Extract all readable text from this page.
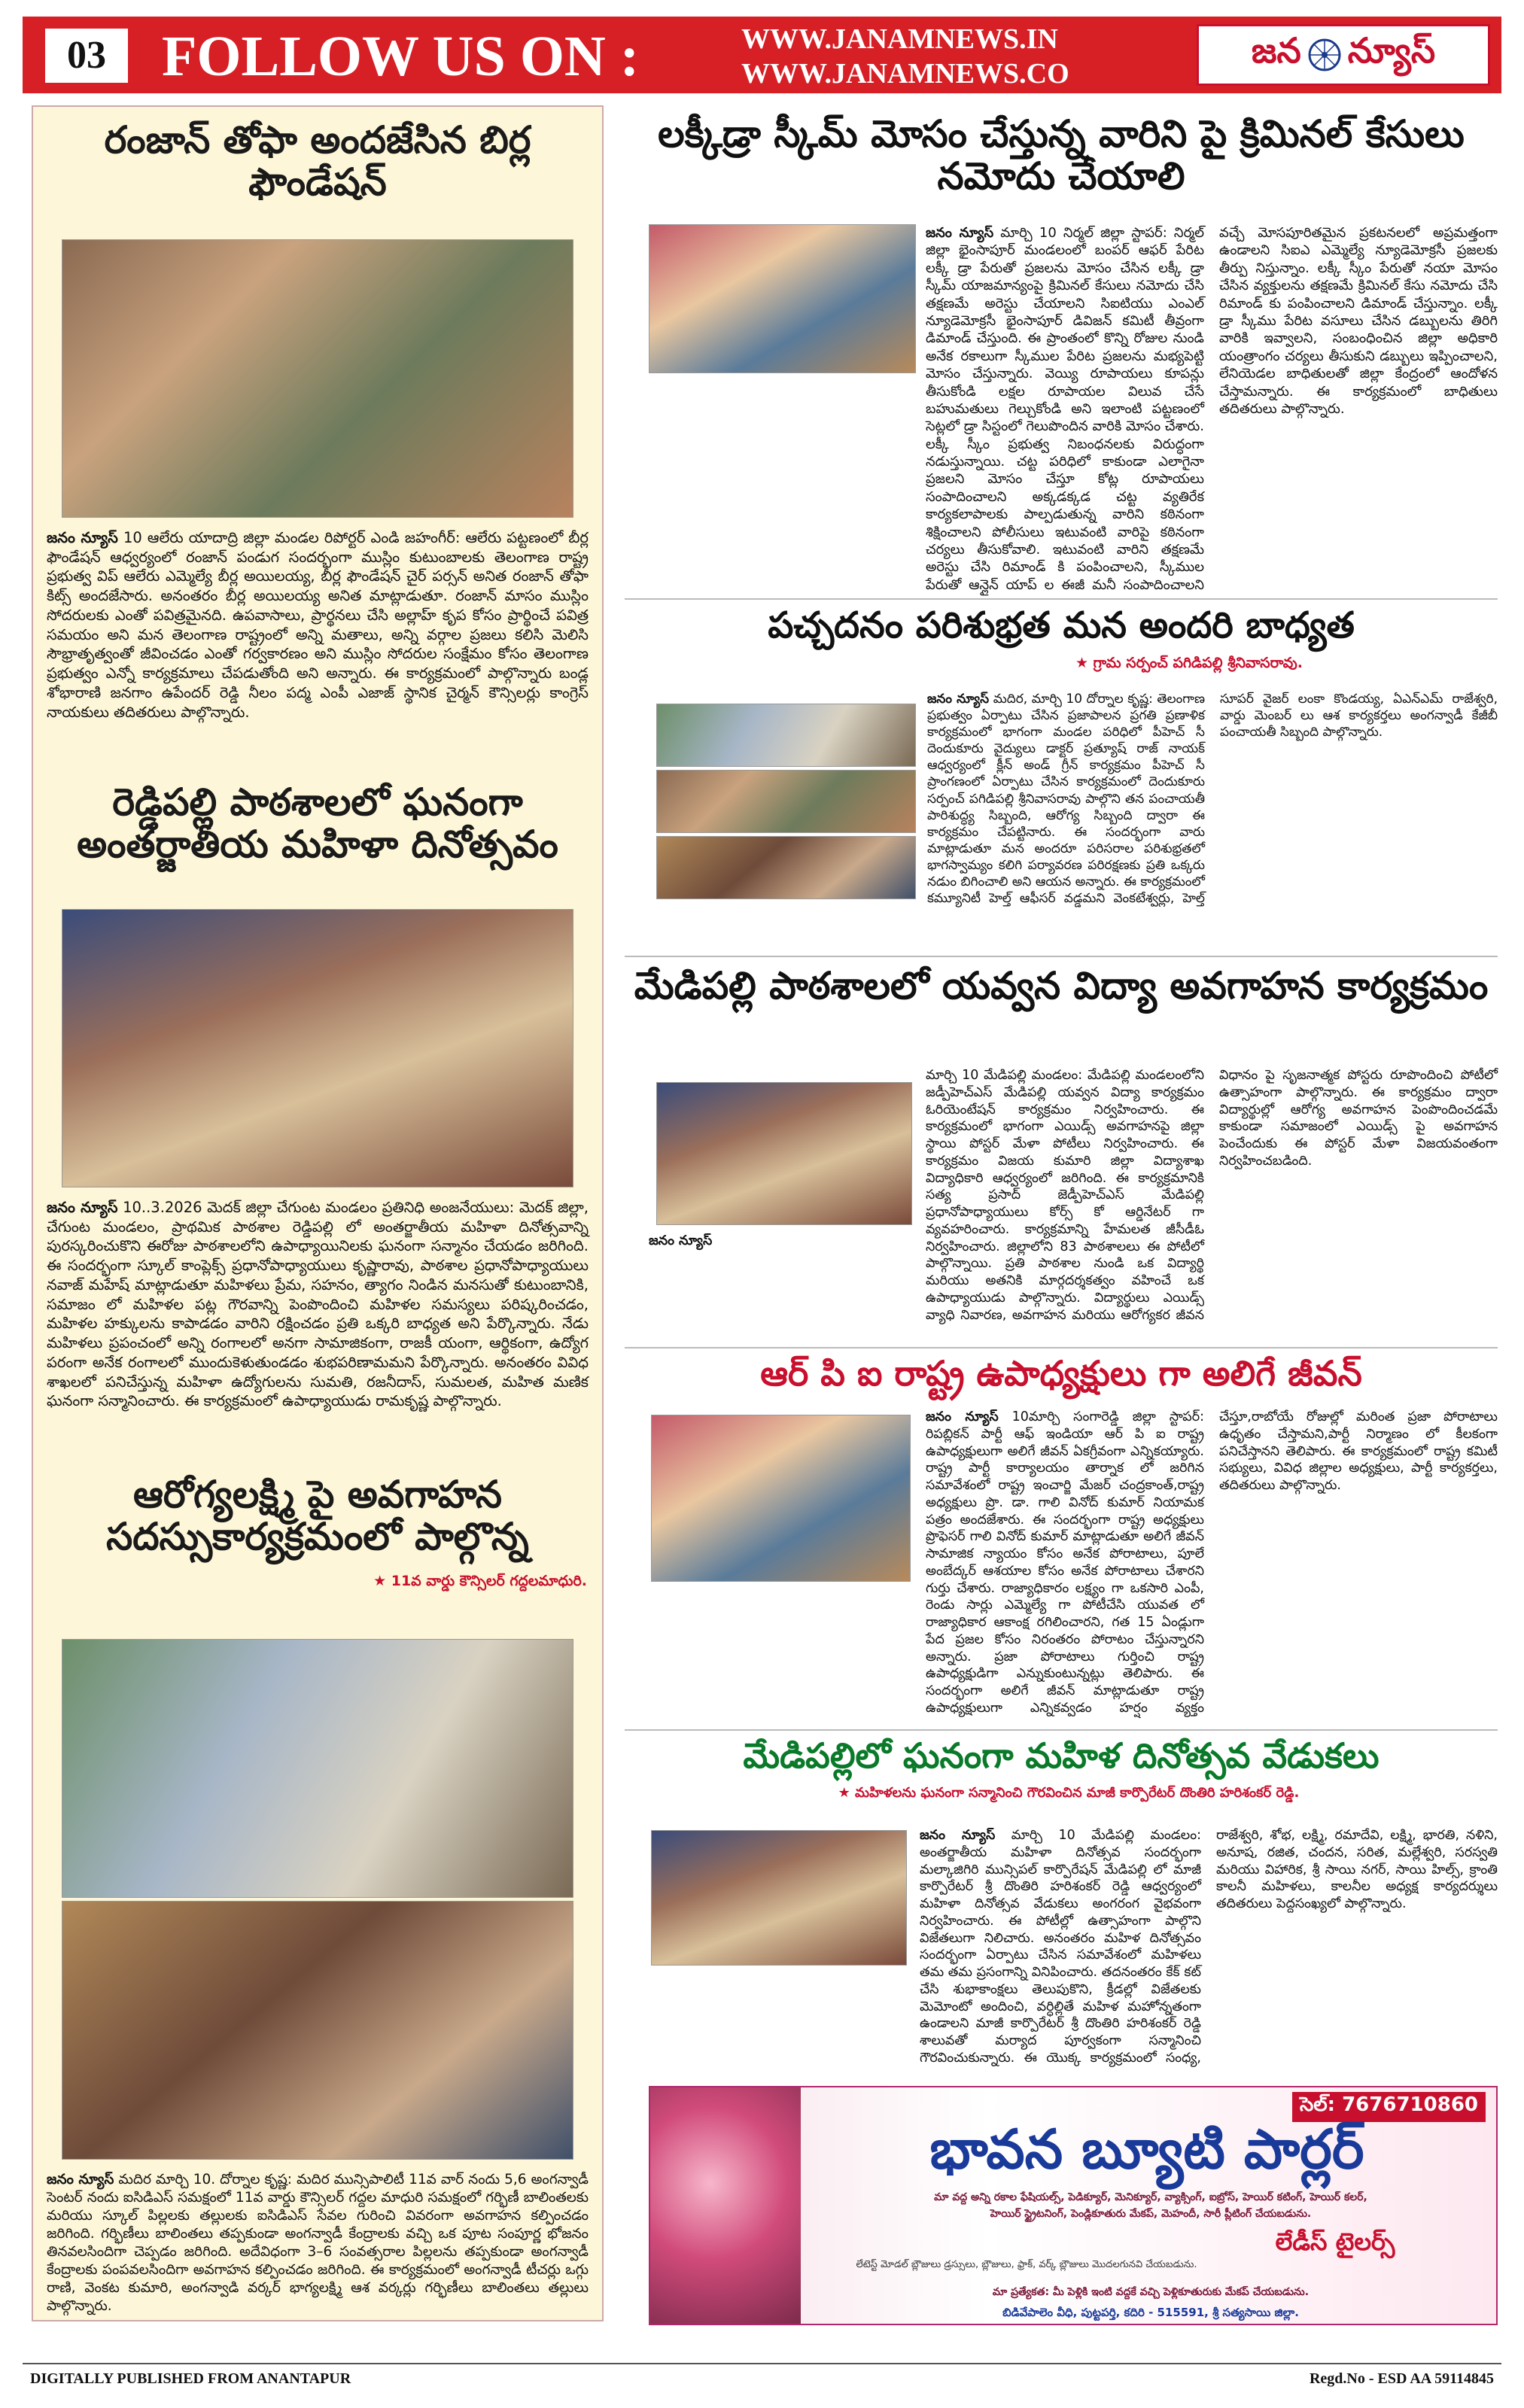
03 FOLLOW US ON :	WWW.JANAMNEWS.IN
WWW.JANAMNEWS.CO
జన న్యూస్
రంజాన్ తోఫా అందజేసిన బిర్ల ఫౌండేషన్
జనం న్యూస్ 10 ఆలేరు యాదాద్రి జిల్లా మండల రిపోర్టర్ ఎండి జహంగీర్: ఆలేరు పట్టణంలో బీర్ల ఫౌండేషన్ ఆధ్వర్యంలో రంజాన్ పండుగ సందర్భంగా ముస్లిం కుటుంబాలకు తెలంగాణ రాష్ట్ర ప్రభుత్వ విప్ ఆలేరు ఎమ్మెల్యే బీర్ల అయిలయ్య, బీర్ల ఫౌండేషన్ చైర్ పర్సన్ అనిత రంజాన్ తోఫా కిట్స్ అందజేసారు. అనంతరం బీర్ల అయిలయ్య అనిత మాట్లాడుతూ. రంజాన్ మాసం ముస్లిం సోదరులకు ఎంతో పవిత్రమైనది. ఉపవాసాలు, ప్రార్థనలు చేసి అల్లాహ్ కృప కోసం ప్రార్థించే పవిత్ర సమయం అని మన తెలంగాణ రాష్ట్రంలో అన్ని మతాలు, అన్ని వర్గాల ప్రజలు కలిసి మెలిసి సౌభ్రాతృత్వంతో జీవించడం ఎంతో గర్వకారణం అని ముస్లిం సోదరుల సంక్షేమం కోసం తెలంగాణ ప్రభుత్వం ఎన్నో కార్యక్రమాలు చేపడుతోంది అని అన్నారు. ఈ కార్యక్రమంలో పాల్గొన్నారు బండ్ల శోభారాణి జనగాం ఉపేందర్ రెడ్డి నీలం పద్మ ఎంపీ ఎజాజ్ స్థానిక చైర్మన్ కౌన్సిలర్లు కాంగ్రెస్ నాయకులు తదితరులు పాల్గొన్నారు.
రెడ్డిపల్లి పాఠశాలలో ఘనంగా అంతర్జాతీయ మహిళా దినోత్సవం
జనం న్యూస్ 10..3.2026 మెదక్ జిల్లా చేగుంట మండలం ప్రతినిధి అంజనేయులు: మెదక్ జిల్లా, చేగుంట మండలం, ప్రాథమిక పాఠశాల రెడ్డిపల్లి లో అంతర్జాతీయ మహిళా దినోత్సవాన్ని పురస్కరించుకొని ఈరోజు పాఠశాలలోని ఉపాధ్యాయినిలకు ఘనంగా సన్మానం చేయడం జరిగింది. ఈ సందర్భంగా స్కూల్ కాంప్లెక్స్ ప్రధానోపాధ్యాయులు కృష్ణారావు, పాఠశాల ప్రధానోపాధ్యాయులు నవాజ్ మహేష్ మాట్లాడుతూ మహిళలు ప్రేమ, సహనం, త్యాగం నిండిన మనసుతో కుటుంబానికి, సమాజం లో మహిళల పట్ల గౌరవాన్ని పెంపొందించి మహిళల సమస్యలు పరిష్కరించడం, మహిళల హక్కులను కాపాడడం వారిని రక్షించడం ప్రతి ఒక్కరి బాధ్యత అని పేర్కొన్నారు. నేడు మహిళలు ప్రపంచంలో అన్ని రంగాలలో అనగా సామాజికంగా, రాజకీ యంగా, ఆర్థికంగా, ఉద్యోగ పరంగా అనేక రంగాలలో ముందుకెళుతుండడం శుభపరిణామమని పేర్కొన్నారు. అనంతరం వివిధ శాఖలలో పనిచేస్తున్న మహిళా ఉద్యోగులను సుమతి, రజనీదాస్, సుమలత, మహిత మణిక ఘనంగా సన్మానించారు. ఈ కార్యక్రమంలో ఉపాధ్యాయుడు రామకృష్ణ పాల్గొన్నారు.
ఆరోగ్యలక్ష్మి పై అవగాహన సదస్సుకార్యక్రమంలో పాల్గొన్న
★ 11వ వార్డు కౌన్సిలర్ గద్దలమాధురి.
జనం న్యూస్ మదిర మార్చి 10. దోర్నాల కృష్ణ: మదిర మున్సిపాలిటీ 11వ వార్ నందు 5,6 అంగన్వాడీ సెంటర్ నందు ఐసిడిఎస్ సమక్షంలో 11వ వార్డు కౌన్సిలర్ గద్దల మాధురి సమక్షంలో గర్భిణీ బాలింతలకు మరియు స్కూల్ పిల్లలకు తల్లులకు ఐసిడిఎస్ సేవల గురించి వివరంగా అవగాహన కల్పించడం జరిగింది. గర్భిణీలు బాలింతలు తప్పకుండా అంగన్వాడీ కేంద్రాలకు వచ్చి ఒక పూట సంపూర్ణ భోజనం తినవలసిందిగా చెప్పడం జరిగింది. అదేవిధంగా 3–6 సంవత్సరాల పిల్లలను తప్పకుండా అంగన్వాడీ కేంద్రాలకు పంపవలసిందిగా అవగాహన కల్పించడం జరిగింది. ఈ కార్యక్రమంలో అంగన్వాడీ టీచర్లు ఒగ్గు రాణి, వెంకట కుమారి, అంగన్వాడి వర్కర్ భాగ్యలక్ష్మి ఆశ వర్కర్లు గర్భిణీలు బాలింతలు తల్లులు పాల్గొన్నారు.
లక్కీడ్రా స్కీమ్ మోసం చేస్తున్న వారిని పై క్రిమినల్ కేసులు నమోదు చేయాలి
జనం న్యూస్ మార్చి 10 నిర్మల్ జిల్లా స్టాపర్: నిర్మల్ జిల్లా భైంసాపూర్ మండలంలో బంపర్ ఆఫర్ పేరిట లక్కీ డ్రా పేరుతో ప్రజలను మోసం చేసిన లక్కీ డ్రా స్కీమ్ యాజమాన్యంపై క్రిమినల్ కేసులు నమోదు చేసి తక్షణమే అరెస్టు చేయాలని సిఐటియు ఎంఎల్ న్యూడెమోక్రసీ భైంసాపూర్ డివిజన్ కమిటీ తీవ్రంగా డిమాండ్ చేస్తుంది. ఈ ప్రాంతంలో కొన్ని రోజుల నుండి అనేక రకాలుగా స్కీముల పేరిట ప్రజలను మభ్యపెట్టి మోసం చేస్తున్నారు. వెయ్యి రూపాయలు కూపన్లు తీసుకోండి లక్షల రూపాయల విలువ చేసే బహుమతులు గెల్చుకోండి అని ఇలాంటి పట్టణంలో సెట్లలో డ్రా సిస్టంలో గెలుపొందిన వారికి మోసం చేశారు. లక్కీ స్కీం ప్రభుత్వ నిబంధనలకు విరుద్ధంగా నడుస్తున్నాయి. చట్ట పరిధిలో కాకుండా ఎలాగైనా ప్రజలని మోసం చేస్తూ కోట్ల రూపాయలు సంపాదించాలని అక్కడక్కడ చట్ట వ్యతిరేక కార్యకలాపాలకు పాల్పడుతున్న వారిని కఠినంగా శిక్షించాలని పోలీసులు ఇటువంటి వారిపై కఠినంగా చర్యలు తీసుకోవాలి. ఇటువంటి వారిని తక్షణమే అరెస్టు చేసి రిమాండ్ కి పంపించాలని, స్కీముల పేరుతో ఆన్లైన్ యాప్ ల ఈజీ మనీ సంపాదించాలని వచ్చే మోసపూరితమైన ప్రకటనలలో అప్రమత్తంగా ఉండాలని సిఐఎ ఎమ్మెల్యే న్యూడెమోక్రసీ ప్రజలకు తీర్పు నిస్తున్నాం. లక్కీ స్కీం పేరుతో నయా మోసం చేసిన వ్యక్తులను తక్షణమే క్రిమినల్ కేసు నమోదు చేసి రిమాండ్ కు పంపించాలని డిమాండ్ చేస్తున్నాం. లక్కీ డ్రా స్కీము పేరిట వసూలు చేసిన డబ్బులను తిరిగి వారికి ఇవ్వాలని, సంబంధించిన జిల్లా అధికారి యంత్రాంగం చర్యలు తీసుకుని డబ్బులు ఇప్పించాలని, లేనియెడల బాధితులతో జిల్లా కేంద్రంలో ఆందోళన చేస్తామన్నారు. ఈ కార్యక్రమంలో బాధితులు తదితరులు పాల్గొన్నారు.
పచ్చదనం పరిశుభ్రత మన అందరి బాధ్యత
★ గ్రామ సర్పంచ్ పగిడిపల్లి శ్రీనివాసరావు.
జనం న్యూస్ మదిర, మార్చి 10 దోర్నాల కృష్ణ: తెలంగాణ ప్రభుత్వం ఏర్పాటు చేసిన ప్రజాపాలన ప్రగతి ప్రణాళిక కార్యక్రమంలో భాగంగా మండల పరిధిలో పీహెచ్ సీ దెందుకూరు వైద్యులు డాక్టర్ ప్రత్యూష్ రాజ్ నాయక్ ఆధ్వర్యంలో క్లీన్ అండ్ గ్రీన్ కార్యక్రమం పీహెచ్ సీ ప్రాంగణంలో ఏర్పాటు చేసిన కార్యక్రమంలో దెందుకూరు సర్పంచ్ పగిడిపల్లి శ్రీనివాసరావు పాల్గొని తన పంచాయతీ పారిశుద్ధ్య సిబ్బంది, ఆరోగ్య సిబ్బంది ద్వారా ఈ కార్యక్రమం చేపట్టినారు. ఈ సందర్భంగా వారు మాట్లాడుతూ మన అందరూ పరిసరాల పరిశుభ్రతలో భాగస్వామ్యం కలిగి పర్యావరణ పరిరక్షణకు ప్రతి ఒక్కరు నడుం బిగించాలి అని ఆయన అన్నారు. ఈ కార్యక్రమంలో కమ్యూనిటీ హెల్త్ ఆఫీసర్ వడ్డమని వెంకటేశ్వర్లు, హెల్త్ సూపర్ వైజర్ లంకా కొండయ్య, ఏఎన్ఎమ్ రాజేశ్వరి, వార్డు మెంబర్ లు ఆశ కార్యకర్తలు అంగన్వాడీ కేజీబీ పంచాయతీ సిబ్బంది పాల్గొన్నారు.
మేడిపల్లి పాఠశాలలో యవ్వన విద్యా అవగాహన కార్యక్రమం
జనం న్యూస్
మార్చి 10 మేడిపల్లి మండలం: మేడిపల్లి మండలంలోని జడ్పీహెచ్ఎస్ మేడిపల్లి యవ్వన విద్యా కార్యక్రమం ఓరియెంటేషన్ కార్యక్రమం నిర్వహించారు. ఈ కార్యక్రమంలో భాగంగా ఎయిడ్స్ అవగాహనపై జిల్లా స్థాయి పోస్టర్ మేళా పోటీలు నిర్వహించారు. ఈ కార్యక్రమం విజయ కుమారి జిల్లా విద్యాశాఖ విద్యాధికారి ఆధ్వర్యంలో జరిగింది. ఈ కార్యక్రమానికి సత్య ప్రసాద్ జెడ్పీహెచ్ఎస్ మేడిపల్లి ప్రధానోపాధ్యాయులు కోర్స్ కో ఆర్డినేటర్ గా వ్యవహరించారు. కార్యక్రమాన్ని హేమలత జీసీడీఓ నిర్వహించారు. జిల్లాలోని 83 పాఠశాలలు ఈ పోటీలో పాల్గొన్నాయి. ప్రతి పాఠశాల నుండి ఒక విద్యార్థి మరియు అతనికి మార్గదర్శకత్వం వహించే ఒక ఉపాధ్యాయుడు పాల్గొన్నారు. విద్యార్థులు ఎయిడ్స్ వ్యాధి నివారణ, అవగాహన మరియు ఆరోగ్యకర జీవన విధానం పై సృజనాత్మక పోస్టరు రూపొందించి పోటీలో ఉత్సాహంగా పాల్గొన్నారు. ఈ కార్యక్రమం ద్వారా విద్యార్థుల్లో ఆరోగ్య అవగాహన పెంపొందించడమే కాకుండా సమాజంలో ఎయిడ్స్ పై అవగాహన పెంచేందుకు ఈ పోస్టర్ మేళా విజయవంతంగా నిర్వహించబడింది.
ఆర్ పి ఐ రాష్ట్ర ఉపాధ్యక్షులు గా అలిగే జీవన్
జనం న్యూస్ 10మార్చి సంగారెడ్డి జిల్లా స్టాపర్: రిపబ్లికన్ పార్టీ ఆఫ్ ఇండియా ఆర్ పి ఐ రాష్ట్ర ఉపాధ్యక్షులుగా అలిగే జీవన్ ఏకగ్రీవంగా ఎన్నికయ్యారు. రాష్ట్ర పార్టీ కార్యాలయం తార్నాక లో జరిగిన సమావేశంలో రాష్ట్ర ఇంచార్జి మేజర్ చంద్రకాంత్,రాష్ట్ర అధ్యక్షులు ప్రొ. డా. గాలి వినోద్ కుమార్ నియామక పత్రం అందజేశారు. ఈ సందర్భంగా రాష్ట్ర అధ్యక్షులు ప్రొఫెసర్ గాలి వినోద్ కుమార్ మాట్లాడుతూ అలిగే జీవన్ సామాజిక న్యాయం కోసం అనేక పోరాటాలు, పూలే అంబేద్కర్ ఆశయాల కోసం అనేక పోరాటాలు చేశారని గుర్తు చేశారు. రాజ్యాధికారం లక్ష్యం గా ఒకసారి ఎంపీ, రెండు సార్లు ఎమ్మెల్యే గా పోటీచేసి యువత లో రాజ్యాధికార ఆకాంక్ష రగిలించారని, గత 15 ఏండ్లుగా పేద ప్రజల కోసం నిరంతరం పోరాటం చేస్తున్నారని అన్నారు. ప్రజా పోరాటాలు గుర్తించి రాష్ట్ర ఉపాధ్యక్షుడిగా ఎన్నుకుంటున్నట్లు తెలిపారు. ఈ సందర్భంగా అలిగే జీవన్ మాట్లాడుతూ రాష్ట్ర ఉపాధ్యక్షులుగా ఎన్నికవ్వడం హర్షం వ్యక్తం చేస్తూ,రాబోయే రోజుల్లో మరింత ప్రజా పోరాటాలు ఉధృతం చేస్తామని,పార్టీ నిర్మాణం లో కీలకంగా పనిచేస్తానని తెలిపారు. ఈ కార్యక్రమంలో రాష్ట్ర కమిటీ సభ్యులు, వివిధ జిల్లాల అధ్యక్షులు, పార్టీ కార్యకర్తలు, తదితరులు పాల్గొన్నారు.
మేడిపల్లిలో ఘనంగా మహిళ దినోత్సవ వేడుకలు
★ మహిళలను ఘనంగా సన్మానించి గౌరవించిన మాజీ కార్పొరేటర్ దొంతిరి హరిశంకర్ రెడ్డి.
జనం న్యూస్ మార్చి 10 మేడిపల్లి మండలం: అంతర్జాతీయ మహిళా దినోత్సవ సందర్భంగా మల్కాజిగిరి మున్సిపల్ కార్పొరేషన్ మేడిపల్లి లో మాజీ కార్పొరేటర్ శ్రీ దొంతిరి హరిశంకర్ రెడ్డి ఆధ్వర్యంలో మహిళా దినోత్సవ వేడుకలు అంగరంగ వైభవంగా నిర్వహించారు. ఈ పోటీల్లో ఉత్సాహంగా పాల్గొని విజేతలుగా నిలిచారు. అనంతరం మహిళ దినోత్సవం సందర్భంగా ఏర్పాటు చేసిన సమావేశంలో మహిళలు తమ తమ ప్రసంగాన్ని వినిపించారు. తదనంతరం కేక్ కట్ చేసి శుభాకాంక్షలు తెలుపుకొని, క్రీడల్లో విజేతలకు మెమోంటో అందించి, వర్ధిల్లితే మహిళ మహోన్నతంగా ఉండాలని మాజీ కార్పొరేటర్ శ్రీ దొంతిరి హరిశంకర్ రెడ్డి శాలువతో మర్యాద పూర్వకంగా సన్మానించి గౌరవించుకున్నారు. ఈ యొక్క కార్యక్రమంలో సంధ్య, రాజేశ్వరి, శోభ, లక్ష్మి, రమాదేవి, లక్ష్మి, భారతి, నళిని, అనూష, రజిత, చందన, సరిత, మల్లేశ్వరి, సరస్వతి మరియు విహారిక, శ్రీ సాయి నగర్, సాయి హిల్స్, క్రాంతి కాలనీ మహిళలు, కాలనీల అధ్యక్ష కార్యదర్శులు తదితరులు పెద్దసంఖ్యలో పాల్గొన్నారు.
సెల్: 7676710860
భావన బ్యూటి పార్లర్
మా వద్ద అన్ని రకాల ఫేషియల్స్, పెడిక్యూర్, మెనిక్యూర్, వ్యాక్సింగ్, ఐబ్రోస్, హెయిర్ కటింగ్, హెయిర్ కలర్,
హెయిర్ స్ట్రైటనింగ్, పెండ్లికూతురు మేకప్, మెహందీ, సారీ ప్లీటింగ్ చేయబడును.
లేడీస్ టైలర్స్
లేటెస్ట్ మోడల్ బ్లౌజులు డ్రస్సులు, బ్లౌజులు, ఫ్రాక్, వర్క్ బ్లౌజులు మొదలగునవి చేయబడును.
మా ప్రత్యేకత: మీ పెళ్లికి ఇంటి వద్దకే వచ్చి పెళ్లికూతురుకు మేకప్ చేయబడును.
బిడివేపాలెం వీధి, పుట్టపర్తి, కదిరి - 515591, శ్రీ సత్యసాయి జిల్లా.
DIGITALLY PUBLISHED FROM ANANTAPUR	Regd.No - ESD AA 59114845
